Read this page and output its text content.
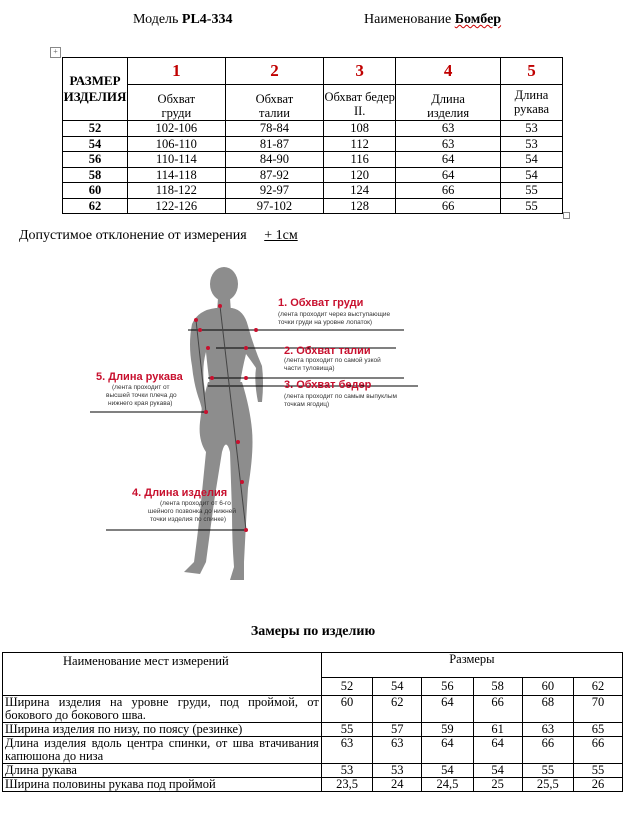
Модель PL4-334	Наименование Бомбер
+
РАЗМЕР ИЗДЕЛИЯ	1	2	3	4	5
	Обхват груди	Обхват талии	Обхват бедер II.	Длина изделия	Длина рукава
52	102-106	78-84	108	63	53
54	106-110	81-87	112	63	53
56	110-114	84-90	116	64	54
58	114-118	87-92	120	64	54
60	118-122	92-97	124	66	55
62	122-126	97-102	128	66	55
Допустимое отклонение от измерения + 1см
1. Обхват груди
(лента проходит через выступающие
точки груди на уровне лопаток)
2. Обхват талии
(лента проходит по самой узкой
части туловища)
3. Обхват бедер
(лента проходит по самым выпуклым
точкам ягодиц)
5. Длина рукава
(лента проходит от
высшей точки плеча до
нижнего края рукава)
4. Длина изделия
(лента проходит от 6-го
шейного позвонка до нижней
точки изделия по спинке)
Замеры по изделию
Наименование мест измерений	Размеры					
	52	54	56	58	60	62
Ширина изделия на уровне груди, под проймой, от бокового до бокового шва.	60	62	64	66	68	70
Ширина изделия по низу, по поясу (резинке)	55	57	59	61	63	65
Длина изделия вдоль центра спинки, от шва втачивания капюшона до низа	63	63	64	64	66	66
Длина рукава	53	53	54	54	55	55
Ширина половины рукава под проймой	23,5	24	24,5	25	25,5	26
